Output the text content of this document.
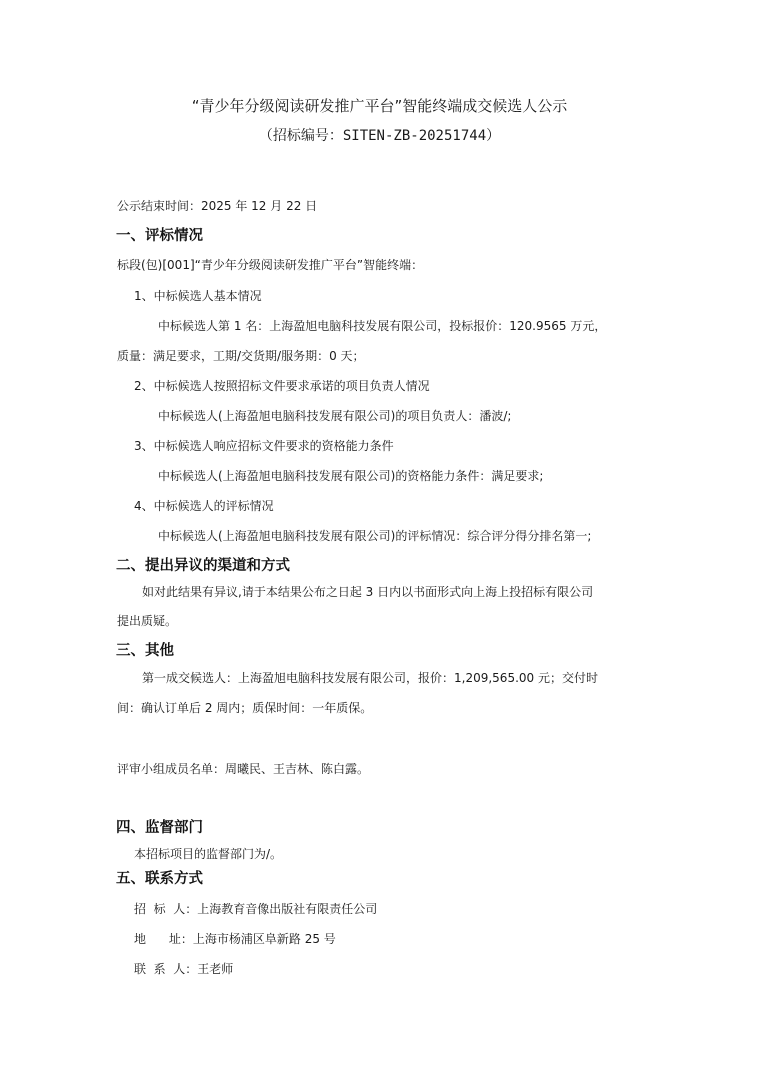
“青少年分级阅读研发推广平台”智能终端成交候选人公示
（招标编号：SITEN-ZB-20251744）
公示结束时间：2025 年 12 月 22 日
一、评标情况
标段(包)[001]“青少年分级阅读研发推广平台”智能终端：
1、中标候选人基本情况
中标候选人第 1 名：上海盈旭电脑科技发展有限公司，投标报价：120.9565 万元，
质量：满足要求，工期/交货期/服务期：0 天；
2、中标候选人按照招标文件要求承诺的项目负责人情况
中标候选人(上海盈旭电脑科技发展有限公司)的项目负责人：潘波/;
3、中标候选人响应招标文件要求的资格能力条件
中标候选人(上海盈旭电脑科技发展有限公司)的资格能力条件：满足要求;
4、中标候选人的评标情况
中标候选人(上海盈旭电脑科技发展有限公司)的评标情况：综合评分得分排名第一;
二、提出异议的渠道和方式
如对此结果有异议,请于本结果公布之日起 3 日内以书面形式向上海上投招标有限公司
提出质疑。
三、其他
第一成交候选人：上海盈旭电脑科技发展有限公司，报价：1,209,565.00 元；交付时
间：确认订单后 2 周内；质保时间：一年质保。
评审小组成员名单：周曦民、王吉林、陈白露。
四、监督部门
本招标项目的监督部门为/。
五、联系方式
招  标  人：上海教育音像出版社有限责任公司
地      址：上海市杨浦区阜新路 25 号
联  系  人：王老师
